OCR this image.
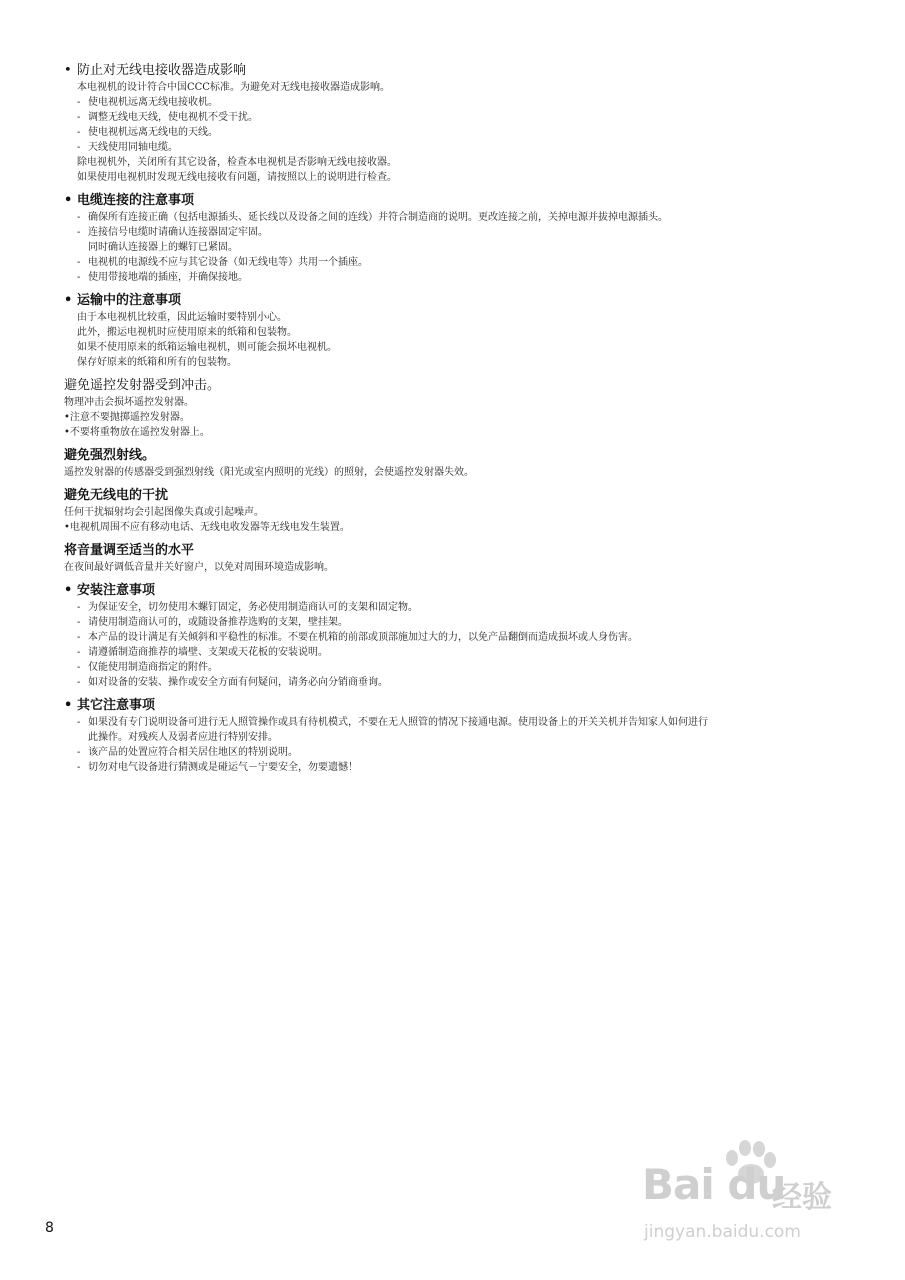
• 防止对无线电接收器造成影响
本电视机的设计符合中国CCC标准。为避免对无线电接收器造成影响。
- 使电视机远离无线电接收机。
- 调整无线电天线，使电视机不受干扰。
- 使电视机远离无线电的天线。
- 天线使用同轴电缆。
除电视机外，关闭所有其它设备，检查本电视机是否影响无线电接收器。
如果使用电视机时发现无线电接收有问题，请按照以上的说明进行检查。
• 电缆连接的注意事项
- 确保所有连接正确（包括电源插头、延长线以及设备之间的连线）并符合制造商的说明。更改连接之前，关掉电源并拔掉电源插头。
- 连接信号电缆时请确认连接器固定牢固。
同时确认连接器上的螺钉已紧固。
- 电视机的电源线不应与其它设备（如无线电等）共用一个插座。
- 使用带接地端的插座，并确保接地。
• 运输中的注意事项
由于本电视机比较重，因此运输时要特别小心。
此外，搬运电视机时应使用原来的纸箱和包装物。
如果不使用原来的纸箱运输电视机，则可能会损坏电视机。
保存好原来的纸箱和所有的包装物。
避免遥控发射器受到冲击。
物理冲击会损坏遥控发射器。
•注意不要抛掷遥控发射器。
•不要将重物放在遥控发射器上。
避免强烈射线。
遥控发射器的传感器受到强烈射线（阳光或室内照明的光线）的照射，会使遥控发射器失效。
避免无线电的干扰
任何干扰辐射均会引起图像失真或引起噪声。
•电视机周围不应有移动电话、无线电收发器等无线电发生装置。
将音量调至适当的水平
在夜间最好调低音量并关好窗户，以免对周围环境造成影响。
• 安装注意事项
- 为保证安全，切勿使用木螺钉固定，务必使用制造商认可的支架和固定物。
- 请使用制造商认可的，或随设备推荐选购的支架，壁挂架。
- 本产品的设计满足有关倾斜和平稳性的标准。不要在机箱的前部或顶部施加过大的力，以免产品翻倒而造成损坏或人身伤害。
- 请遵循制造商推荐的墙壁、支架或天花板的安装说明。
- 仅能使用制造商指定的附件。
- 如对设备的安装、操作或安全方面有何疑问，请务必向分销商垂询。
• 其它注意事项
- 如果没有专门说明设备可进行无人照管操作或具有待机模式，不要在无人照管的情况下接通电源。使用设备上的开关关机并告知家人如何进行
此操作。对残疾人及弱者应进行特别安排。
- 该产品的处置应符合相关居住地区的特别说明。
- 切勿对电气设备进行猜测或是碰运气－宁要安全，勿要遗憾！
8
Bai du
经验
jingyan.baidu.com
